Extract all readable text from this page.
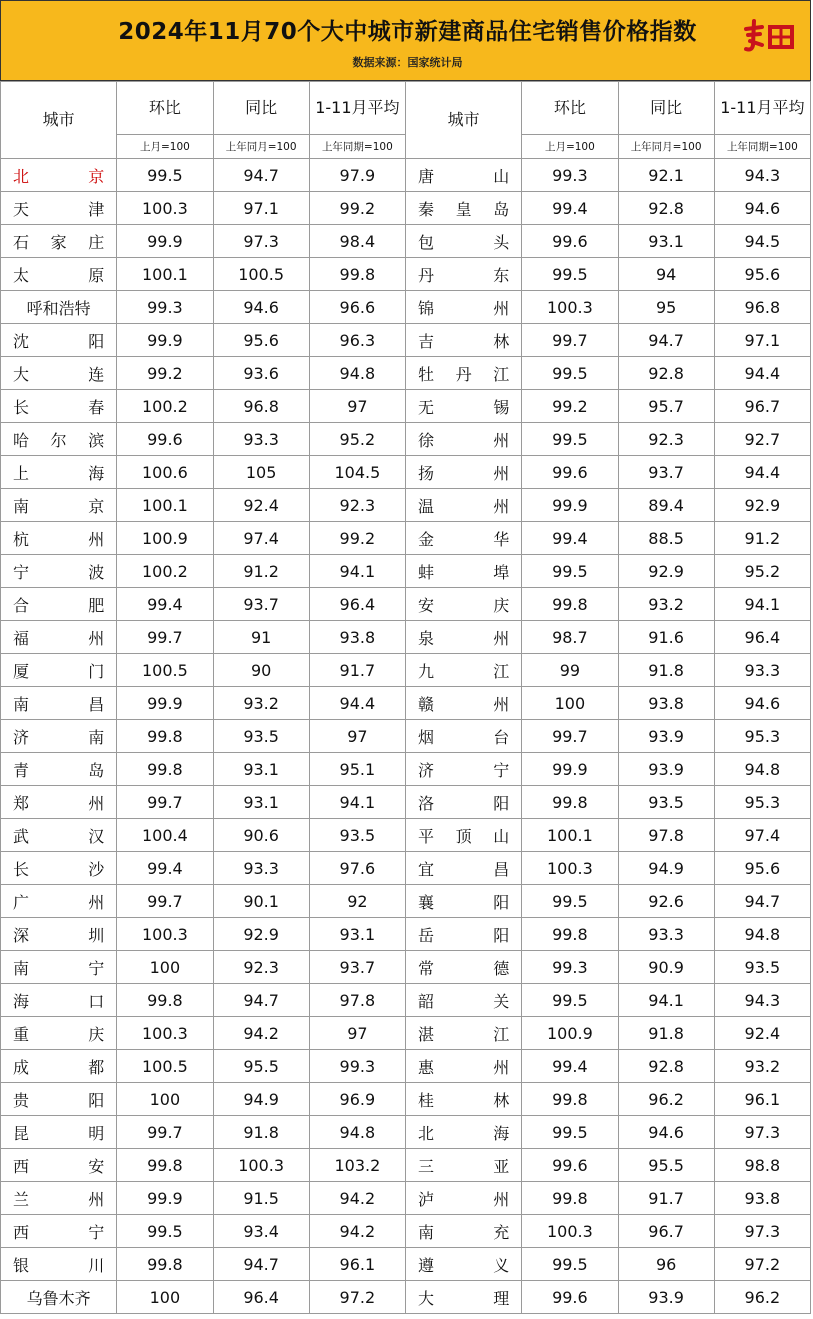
2024年11月70个大中城市新建商品住宅销售价格指数
数据来源：国家统计局
城市	环比	同比	1-11月平均	城市	环比	同比	1-11月平均
	上月=100	上年同月=100	上年同期=100		上月=100	上年同月=100	上年同期=100
北京	99.5	94.7	97.9	唐山	99.3	92.1	94.3
天津	100.3	97.1	99.2	秦皇岛	99.4	92.8	94.6
石家庄	99.9	97.3	98.4	包头	99.6	93.1	94.5
太原	100.1	100.5	99.8	丹东	99.5	94	95.6
呼和浩特	99.3	94.6	96.6	锦州	100.3	95	96.8
沈阳	99.9	95.6	96.3	吉林	99.7	94.7	97.1
大连	99.2	93.6	94.8	牡丹江	99.5	92.8	94.4
长春	100.2	96.8	97	无锡	99.2	95.7	96.7
哈尔滨	99.6	93.3	95.2	徐州	99.5	92.3	92.7
上海	100.6	105	104.5	扬州	99.6	93.7	94.4
南京	100.1	92.4	92.3	温州	99.9	89.4	92.9
杭州	100.9	97.4	99.2	金华	99.4	88.5	91.2
宁波	100.2	91.2	94.1	蚌埠	99.5	92.9	95.2
合肥	99.4	93.7	96.4	安庆	99.8	93.2	94.1
福州	99.7	91	93.8	泉州	98.7	91.6	96.4
厦门	100.5	90	91.7	九江	99	91.8	93.3
南昌	99.9	93.2	94.4	赣州	100	93.8	94.6
济南	99.8	93.5	97	烟台	99.7	93.9	95.3
青岛	99.8	93.1	95.1	济宁	99.9	93.9	94.8
郑州	99.7	93.1	94.1	洛阳	99.8	93.5	95.3
武汉	100.4	90.6	93.5	平顶山	100.1	97.8	97.4
长沙	99.4	93.3	97.6	宜昌	100.3	94.9	95.6
广州	99.7	90.1	92	襄阳	99.5	92.6	94.7
深圳	100.3	92.9	93.1	岳阳	99.8	93.3	94.8
南宁	100	92.3	93.7	常德	99.3	90.9	93.5
海口	99.8	94.7	97.8	韶关	99.5	94.1	94.3
重庆	100.3	94.2	97	湛江	100.9	91.8	92.4
成都	100.5	95.5	99.3	惠州	99.4	92.8	93.2
贵阳	100	94.9	96.9	桂林	99.8	96.2	96.1
昆明	99.7	91.8	94.8	北海	99.5	94.6	97.3
西安	99.8	100.3	103.2	三亚	99.6	95.5	98.8
兰州	99.9	91.5	94.2	泸州	99.8	91.7	93.8
西宁	99.5	93.4	94.2	南充	100.3	96.7	97.3
银川	99.8	94.7	96.1	遵义	99.5	96	97.2
乌鲁木齐	100	96.4	97.2	大理	99.6	93.9	96.2
